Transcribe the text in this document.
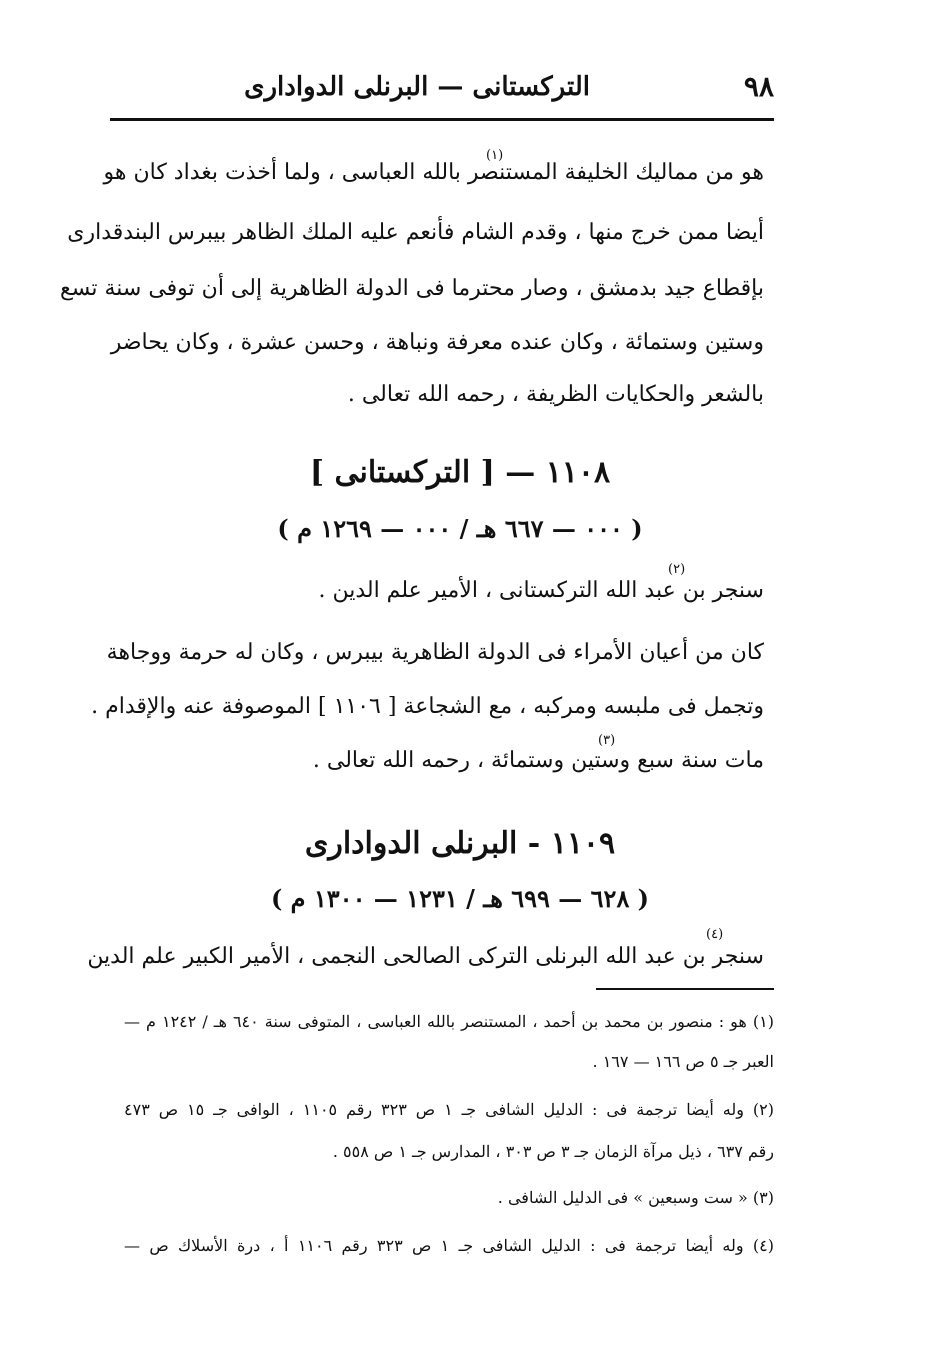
٩٨
التركستانى — البرنلى الدوادارى
(١)
هو من مماليك الخليفة المستنصر بالله العباسى ، ولما أخذت بغداد كان هو
أيضا ممن خرج منها ، وقدم الشام فأنعم عليه الملك الظاهر بيبرس البندقدارى
بإقطاع جيد بدمشق ، وصار محترما فى الدولة الظاهرية إلى أن توفى سنة تسع
وستين وستمائة ، وكان عنده معرفة ونباهة ، وحسن عشرة ، وكان يحاضر
بالشعر والحكايات الظريفة ، رحمه الله تعالى .
١١٠٨ — [ التركستانى ]
( ٠٠٠ — ٦٦٧ هـ / ٠٠٠ — ١٢٦٩ م )
(٢)
سنجر بن عبد الله التركستانى ، الأمير علم الدين .
كان من أعيان الأمراء فى الدولة الظاهرية بيبرس ، وكان له حرمة ووجاهة
وتجمل فى ملبسه ومركبه ، مع الشجاعة [ ١١٠٦ ] الموصوفة عنه والإقدام .
(٣)
مات سنة سبع وستين وستمائة ، رحمه الله تعالى .
١١٠٩ - البرنلى الدوادارى
( ٦٢٨ — ٦٩٩ هـ / ١٢٣١ — ١٣٠٠ م )
(٤)
سنجر بن عبد الله البرنلى التركى الصالحى النجمى ، الأمير الكبير علم الدين
(١) هو : منصور بن محمد بن أحمد ، المستنصر بالله العباسى ، المتوفى سنة ٦٤٠ هـ / ١٢٤٢ م —
العبر جـ ٥ ص ١٦٦ — ١٦٧ .
(٢) وله أيضا ترجمة فى : الدليل الشافى جـ ١ ص ٣٢٣ رقم ١١٠٥ ، الوافى جـ ١٥ ص ٤٧٣
رقم ٦٣٧ ، ذيل مرآة الزمان جـ ٣ ص ٣٠٣ ، المدارس جـ ١ ص ٥٥٨ .
(٣) « ست وسبعين » فى الدليل الشافى .
(٤) وله أيضا ترجمة فى : الدليل الشافى جـ ١ ص ٣٢٣ رقم ١١٠٦ أ ، درة الأسلاك ص —
